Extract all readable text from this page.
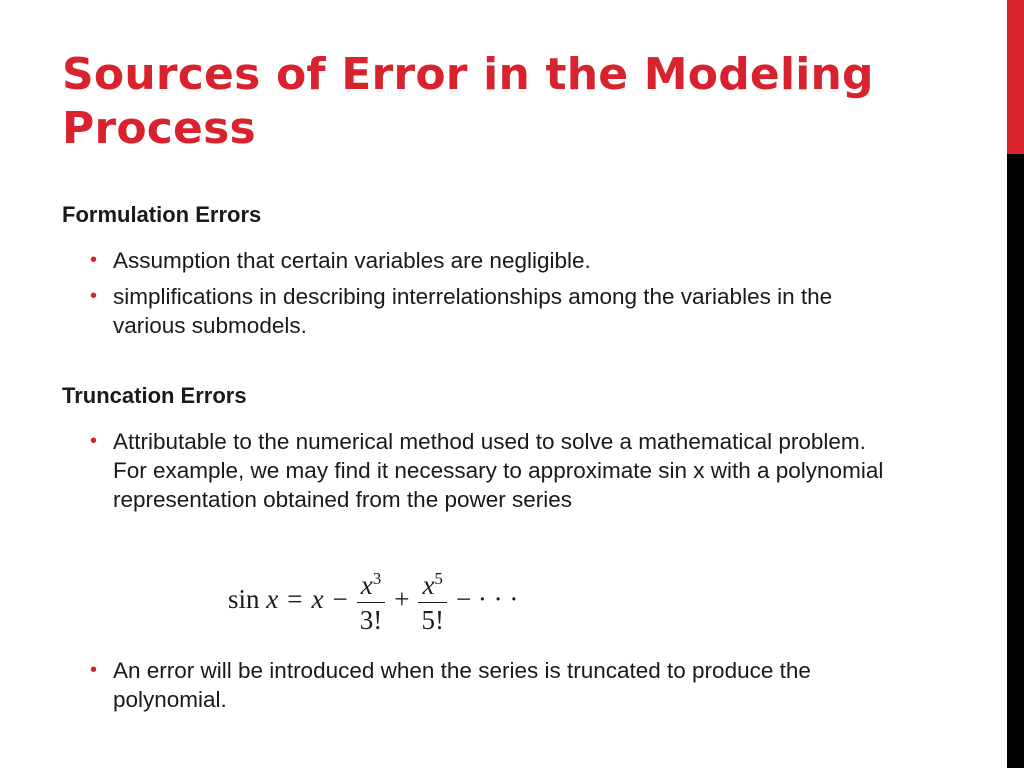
Sources of Error in the Modeling Process
Formulation Errors
• Assumption that certain variables are negligible.
• simplifications in describing interrelationships among the variables in the various submodels.
Truncation Errors
• Attributable to the numerical method used to solve a mathematical problem. For example, we may find it necessary to approximate sin x with a polynomial representation obtained from the power series
sin
$x = x - \frac{x^3}{3!} + \frac{x^5}{5!}$ − · · ·
• An error will be introduced when the series is truncated to produce the polynomial.
